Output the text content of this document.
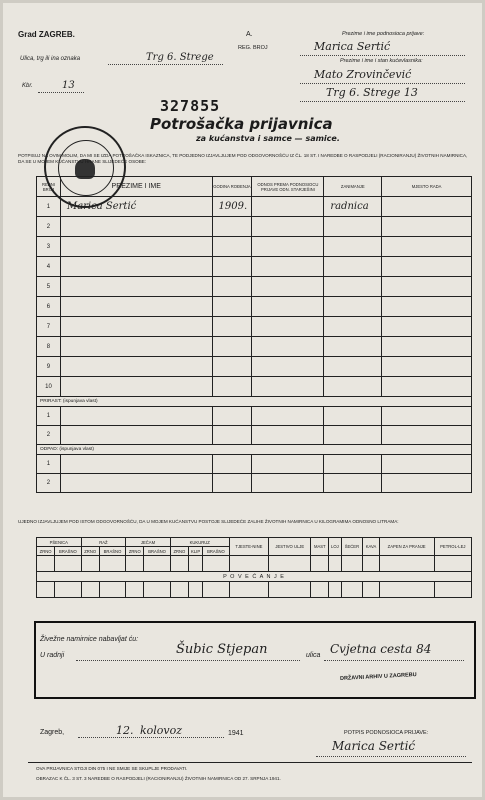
Grad ZAGREB.	A.
REG. BROJ
Ulica, trg ili ina oznaka	Trg 6. Strege
Kbr.	13
Prezime i ime podnosioca prijave:
Marica Sertić
Prezime i ime i stan kućevlasnika:
Mato Zrovinčević
Trg 6. Strege 13
327855
Potrošačka prijavnica
za kućanstva i samce — samice.
POTPISUJ NA OVIM MOLIM, DA MI SE IZDA POTROŠAČKA ISKAZNICA, TE PODJEDNO IZJAVLJUJEM POD ODGOVORNOŠĆU IZ ČL. 18 ST. I NAREDBE O RASPODJELI (RACIONIRANJU) ŽIVOTNIH NAMIRNICA, DA SE U MOJEM KUĆANSTVU HRANE SLIJEDEĆE OSOBE:
REDNI BROJ	PREZIME I IME	GODINA ROĐENJA	ODNOS PREMA PODNOSIOCU PRIJAVE ODN. STARJEŠINI	ZANIMANJE	MJESTO RADA
1	Marica Sertić	1909.		radnica	
2					
3					
4					
5					
6					
7					
8					
9					
10					
PRIRAST: (ispunjava vlast)					
1					
2					
ODPAD: (ispunjava vlast)					
1					
2					
UJEDNO IZJAVLJUJEM POD ISTOM ODGOVORNOŠĆU, DA U MOJEM KUĆANSTVU POSTOJE SLIJEDEĆE ZALIHE ŽIVOTNIH NAMIRNICA U KILOGRAMIMA ODNOSNO LITRAMA:
PŠENICA		RAŽ		JEČAM		KUKURUZ			TJESTE-NINE	JESTIVO ULJE	MAST	LOJ	ŠEĆER	KAVA	ZAPEN ZA PRANJE	PETROL-LEJ
ZRNO	BRAŠNO	ZRNO	BRAŠNO	ZRNO	BRAŠNO	ZRNO	KLIP	BRAŠNO								

P O V E Ć A N J E																

Živežne namirnice nabavljat ću:
U radnji	Šubic Stjepan	ulica Cvjetna cesta 84
DRŽAVNI ARHIV U ZAGREBU
Zagreb,	12. kolovoz	1941	POTPIS PODNOSIOCA PRIJAVE:
Marica Sertić
OVA PRIJAVNICA STOJI DIN 075 I NE SMIJE SE SKUPLJE PRODAVATI.
OBRAZAC K ČL. 3 ST. 3 NAREDBE O RASPODJELI (RACIONIRANJU) ŽIVOTNIH NAMIRNICA OD 27. SRPNJA 1941.
